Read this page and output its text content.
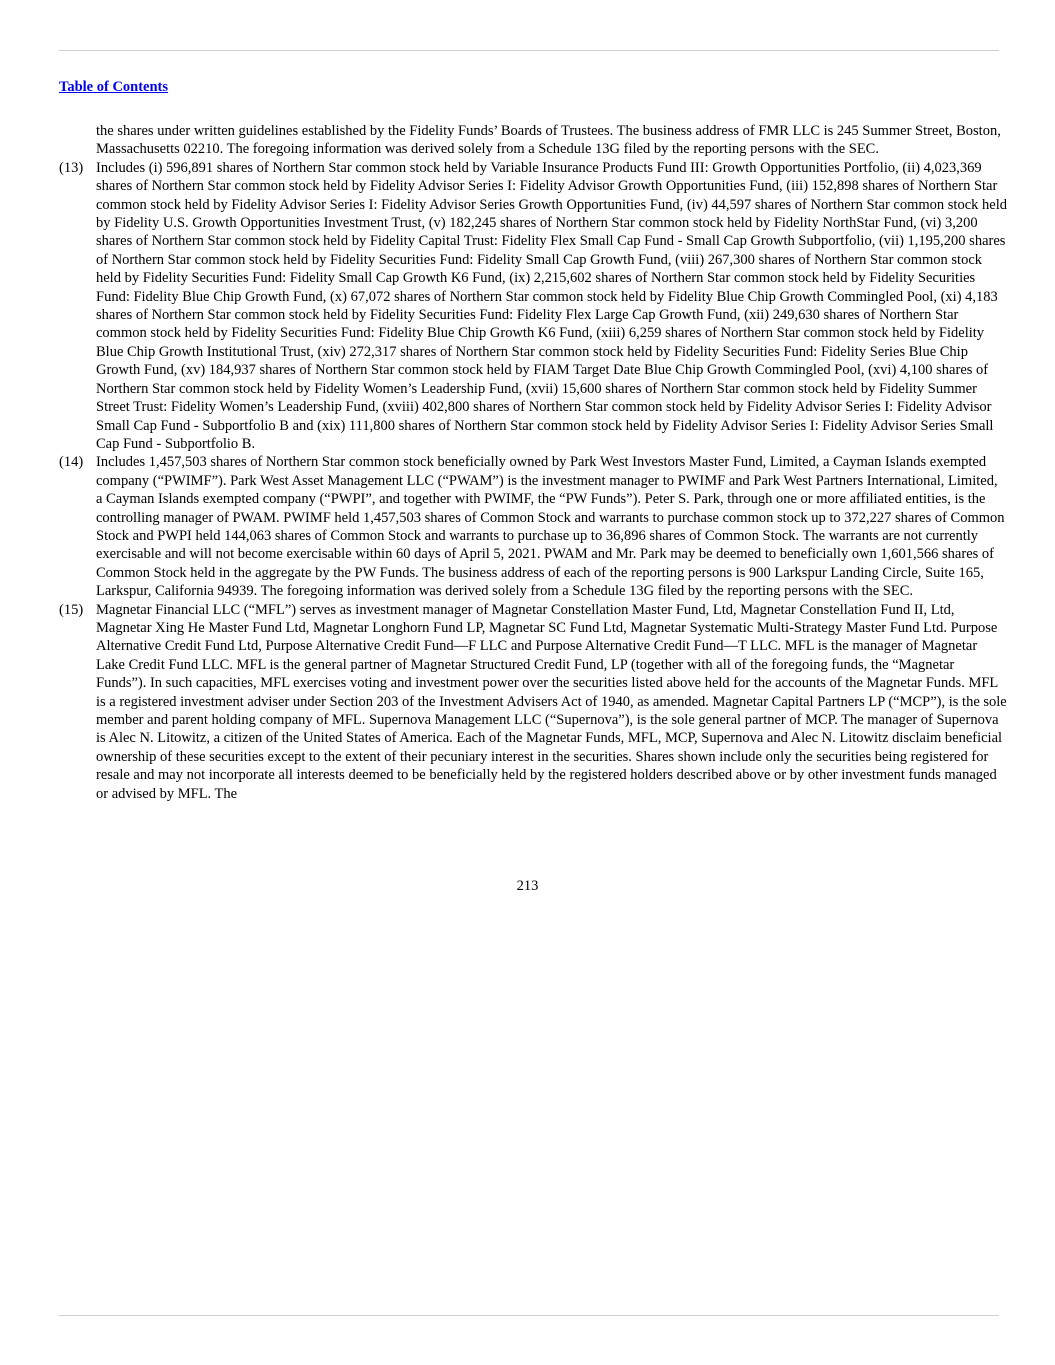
Table of Contents

the shares under written guidelines established by the Fidelity Funds’ Boards of Trustees. The business address of FMR LLC is 245 Summer Street, Boston, Massachusetts 02210. The foregoing information was derived solely from a Schedule 13G filed by the reporting persons with the SEC.

(13) Includes (i) 596,891 shares of Northern Star common stock held by Variable Insurance Products Fund III: Growth Opportunities Portfolio, (ii) 4,023,369 shares of Northern Star common stock held by Fidelity Advisor Series I: Fidelity Advisor Growth Opportunities Fund, (iii) 152,898 shares of Northern Star common stock held by Fidelity Advisor Series I: Fidelity Advisor Series Growth Opportunities Fund, (iv) 44,597 shares of Northern Star common stock held by Fidelity U.S. Growth Opportunities Investment Trust, (v) 182,245 shares of Northern Star common stock held by Fidelity NorthStar Fund, (vi) 3,200 shares of Northern Star common stock held by Fidelity Capital Trust: Fidelity Flex Small Cap Fund - Small Cap Growth Subportfolio, (vii) 1,195,200 shares of Northern Star common stock held by Fidelity Securities Fund: Fidelity Small Cap Growth Fund, (viii) 267,300 shares of Northern Star common stock held by Fidelity Securities Fund: Fidelity Small Cap Growth K6 Fund, (ix) 2,215,602 shares of Northern Star common stock held by Fidelity Securities Fund: Fidelity Blue Chip Growth Fund, (x) 67,072 shares of Northern Star common stock held by Fidelity Blue Chip Growth Commingled Pool, (xi) 4,183 shares of Northern Star common stock held by Fidelity Securities Fund: Fidelity Flex Large Cap Growth Fund, (xii) 249,630 shares of Northern Star common stock held by Fidelity Securities Fund: Fidelity Blue Chip Growth K6 Fund, (xiii) 6,259 shares of Northern Star common stock held by Fidelity Blue Chip Growth Institutional Trust, (xiv) 272,317 shares of Northern Star common stock held by Fidelity Securities Fund: Fidelity Series Blue Chip Growth Fund, (xv) 184,937 shares of Northern Star common stock held by FIAM Target Date Blue Chip Growth Commingled Pool, (xvi) 4,100 shares of Northern Star common stock held by Fidelity Women’s Leadership Fund, (xvii) 15,600 shares of Northern Star common stock held by Fidelity Summer Street Trust: Fidelity Women’s Leadership Fund, (xviii) 402,800 shares of Northern Star common stock held by Fidelity Advisor Series I: Fidelity Advisor Small Cap Fund - Subportfolio B and (xix) 111,800 shares of Northern Star common stock held by Fidelity Advisor Series I: Fidelity Advisor Series Small Cap Fund - Subportfolio B.
(14) Includes 1,457,503 shares of Northern Star common stock beneficially owned by Park West Investors Master Fund, Limited, a Cayman Islands exempted company (“PWIMF”). Park West Asset Management LLC (“PWAM”) is the investment manager to PWIMF and Park West Partners International, Limited, a Cayman Islands exempted company (“PWPI”, and together with PWIMF, the “PW Funds”). Peter S. Park, through one or more affiliated entities, is the controlling manager of PWAM. PWIMF held 1,457,503 shares of Common Stock and warrants to purchase common stock up to 372,227 shares of Common Stock and PWPI held 144,063 shares of Common Stock and warrants to purchase up to 36,896 shares of Common Stock. The warrants are not currently exercisable and will not become exercisable within 60 days of April 5, 2021. PWAM and Mr. Park may be deemed to beneficially own 1,601,566 shares of Common Stock held in the aggregate by the PW Funds. The business address of each of the reporting persons is 900 Larkspur Landing Circle, Suite 165, Larkspur, California 94939. The foregoing information was derived solely from a Schedule 13G filed by the reporting persons with the SEC.
(15) Magnetar Financial LLC (“MFL”) serves as investment manager of Magnetar Constellation Master Fund, Ltd, Magnetar Constellation Fund II, Ltd, Magnetar Xing He Master Fund Ltd, Magnetar Longhorn Fund LP, Magnetar SC Fund Ltd, Magnetar Systematic Multi-Strategy Master Fund Ltd. Purpose Alternative Credit Fund Ltd, Purpose Alternative Credit Fund—F LLC and Purpose Alternative Credit Fund—T LLC. MFL is the manager of Magnetar Lake Credit Fund LLC. MFL is the general partner of Magnetar Structured Credit Fund, LP (together with all of the foregoing funds, the “Magnetar Funds”). In such capacities, MFL exercises voting and investment power over the securities listed above held for the accounts of the Magnetar Funds. MFL is a registered investment adviser under Section 203 of the Investment Advisers Act of 1940, as amended. Magnetar Capital Partners LP (“MCP”), is the sole member and parent holding company of MFL. Supernova Management LLC (“Supernova”), is the sole general partner of MCP. The manager of Supernova is Alec N. Litowitz, a citizen of the United States of America. Each of the Magnetar Funds, MFL, MCP, Supernova and Alec N. Litowitz disclaim beneficial ownership of these securities except to the extent of their pecuniary interest in the securities. Shares shown include only the securities being registered for resale and may not incorporate all interests deemed to be beneficially held by the registered holders described above or by other investment funds managed or advised by MFL. The
213
